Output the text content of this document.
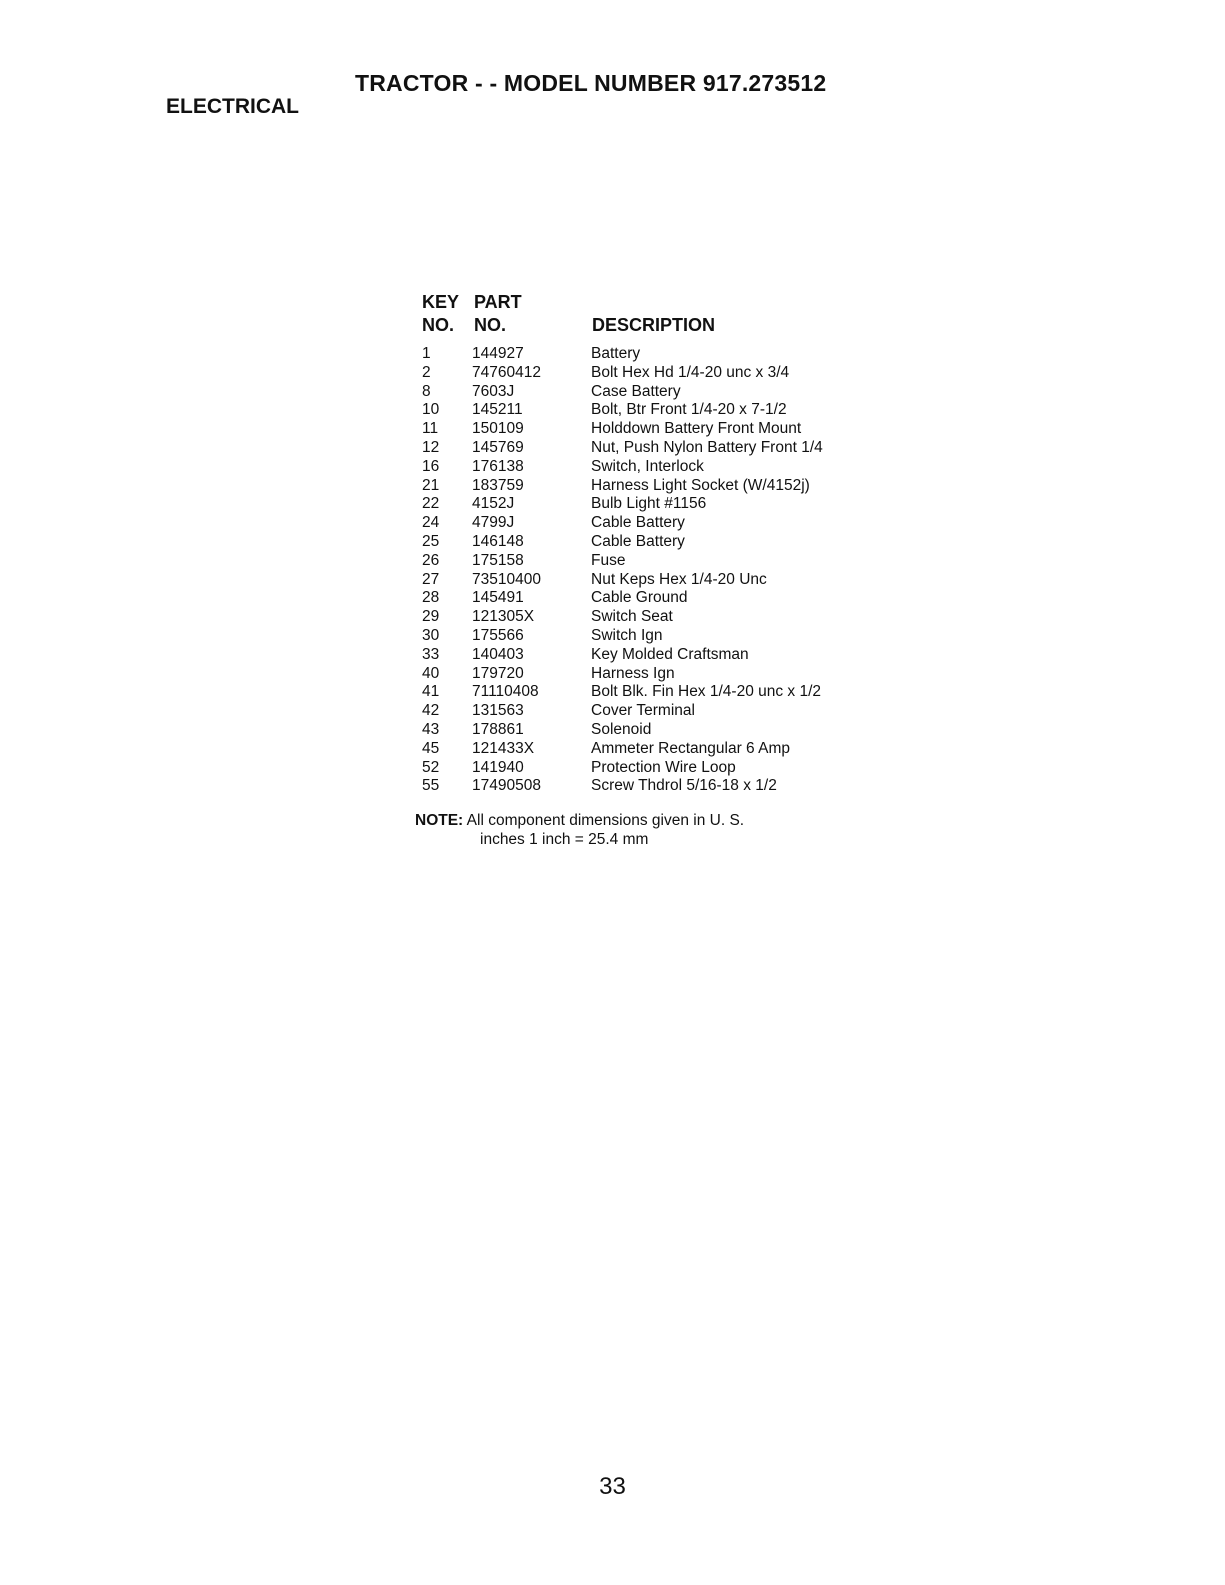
TRACTOR - - MODEL NUMBER 917.273512
ELECTRICAL
KEY PART
NO. NO.	DESCRIPTION
1	144927	Battery
2	74760412	Bolt Hex Hd 1/4-20 unc x 3/4
8	7603J	Case Battery
10 145211	Bolt, Btr Front 1/4-20 x 7-1/2
11 150109	Holddown Battery Front Mount
12 145769	Nut, Push Nylon Battery Front 1/4
16 176138	Switch, Interlock
21 183759	Harness Light Socket (W/4152j)
22 4152J	Bulb Light #1156
24 4799J	Cable Battery
25 146148	Cable Battery
26 175158	Fuse
27 73510400	Nut Keps Hex 1/4-20 Unc
28 145491	Cable Ground
29 121305X	Switch Seat
30 175566	Switch Ign
33 140403	Key Molded Craftsman
40 179720	Harness Ign
41 71110408	Bolt Blk. Fin Hex 1/4-20 unc x 1/2
42 131563	Cover Terminal
43 178861	Solenoid
45 121433X	Ammeter Rectangular 6 Amp
52 141940	Protection Wire Loop
55 17490508	Screw Thdrol 5/16-18 x 1/2
NOTE: All component dimensions given in U. S.
inches 1 inch = 25.4 mm
33
